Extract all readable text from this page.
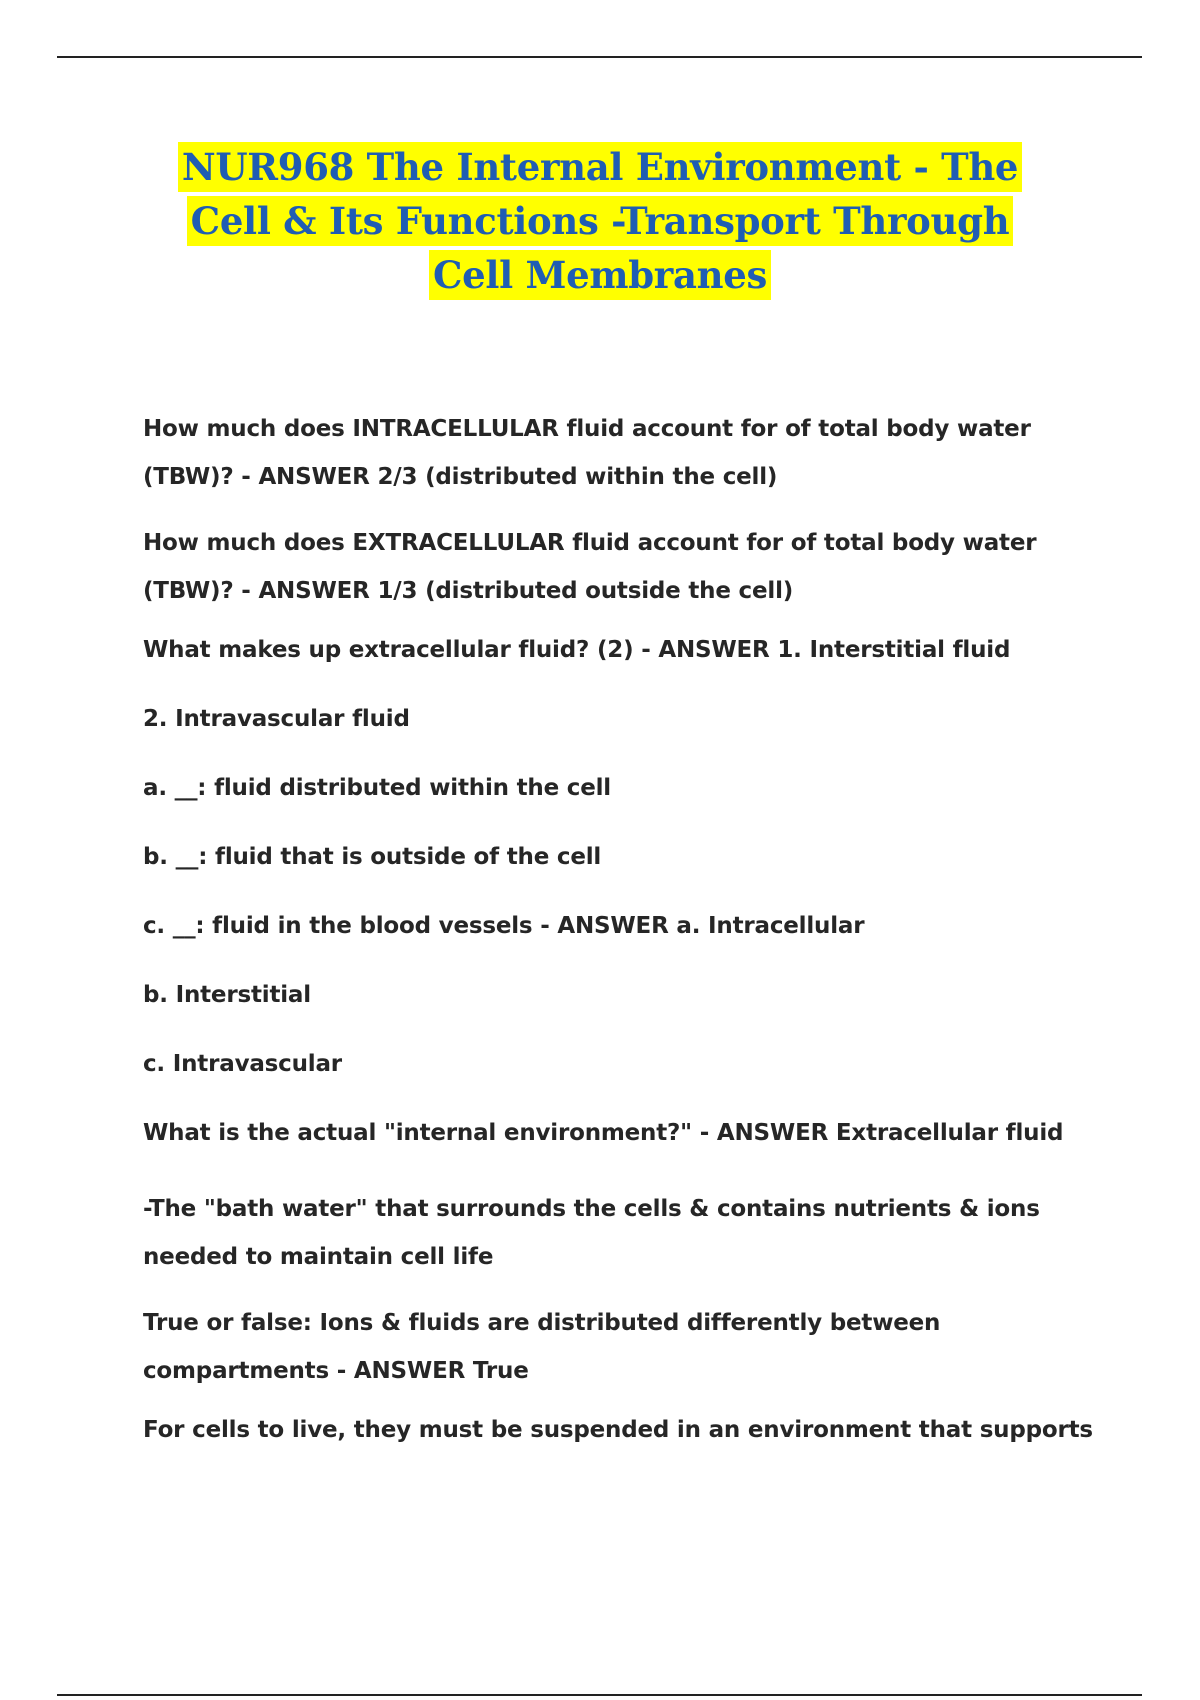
NUR968 The Internal Environment - The
Cell & Its Functions -Transport Through
Cell Membranes

How much does INTRACELLULAR fluid account for of total body water (TBW)? - ANSWER 2/3 (distributed within the cell)

How much does EXTRACELLULAR fluid account for of total body water (TBW)? - ANSWER 1/3 (distributed outside the cell)

What makes up extracellular fluid? (2) - ANSWER 1. Interstitial fluid

2. Intravascular fluid

a. __: fluid distributed within the cell

b. __: fluid that is outside of the cell

c. __: fluid in the blood vessels - ANSWER a. Intracellular

b. Interstitial

c. Intravascular

What is the actual "internal environment?" - ANSWER Extracellular fluid

-The "bath water" that surrounds the cells & contains nutrients & ions needed to maintain cell life

True or false: Ions & fluids are distributed differently between compartments - ANSWER True

For cells to live, they must be suspended in an environment that supports
